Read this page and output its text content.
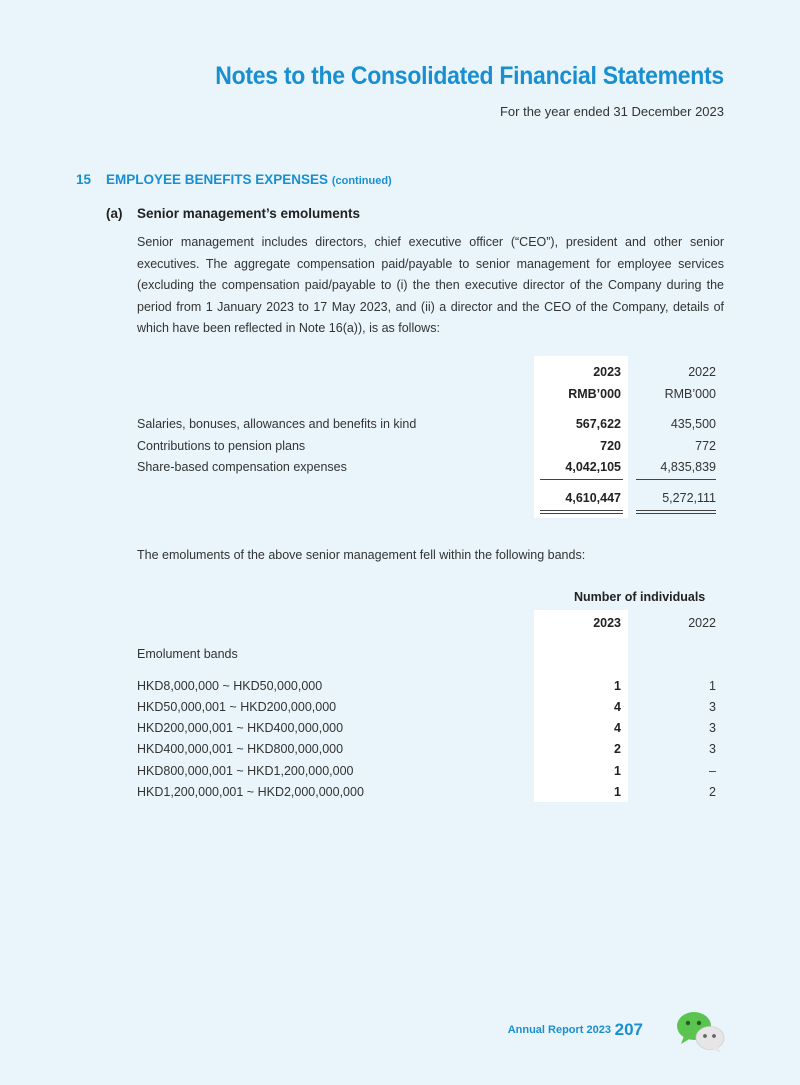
Notes to the Consolidated Financial Statements
For the year ended 31 December 2023
15 EMPLOYEE BENEFITS EXPENSES (continued)
(a) Senior management’s emoluments
Senior management includes directors, chief executive officer (“CEO”), president and other senior executives. The aggregate compensation paid/payable to senior management for employee services (excluding the compensation paid/payable to (i) the then executive director of the Company during the period from 1 January 2023 to 17 May 2023, and (ii) a director and the CEO of the Company, details of which have been reflected in Note 16(a)), is as follows:
2023	2022
RMB’000	RMB’000
Salaries, bonuses, allowances and benefits in kind	567,622	435,500
Contributions to pension plans	720	772
Share-based compensation expenses	4,042,105	4,835,839
4,610,447	5,272,111
The emoluments of the above senior management fell within the following bands:
Number of individuals
2023	2022
Emolument bands
HKD8,000,000 ~ HKD50,000,000	1	1
HKD50,000,001 ~ HKD200,000,000	4	3
HKD200,000,001 ~ HKD400,000,000	4	3
HKD400,000,001 ~ HKD800,000,000	2	3
HKD800,000,001 ~ HKD1,200,000,000	1	–
HKD1,200,000,001 ~ HKD2,000,000,000	1	2
Annual Report 2023 207
